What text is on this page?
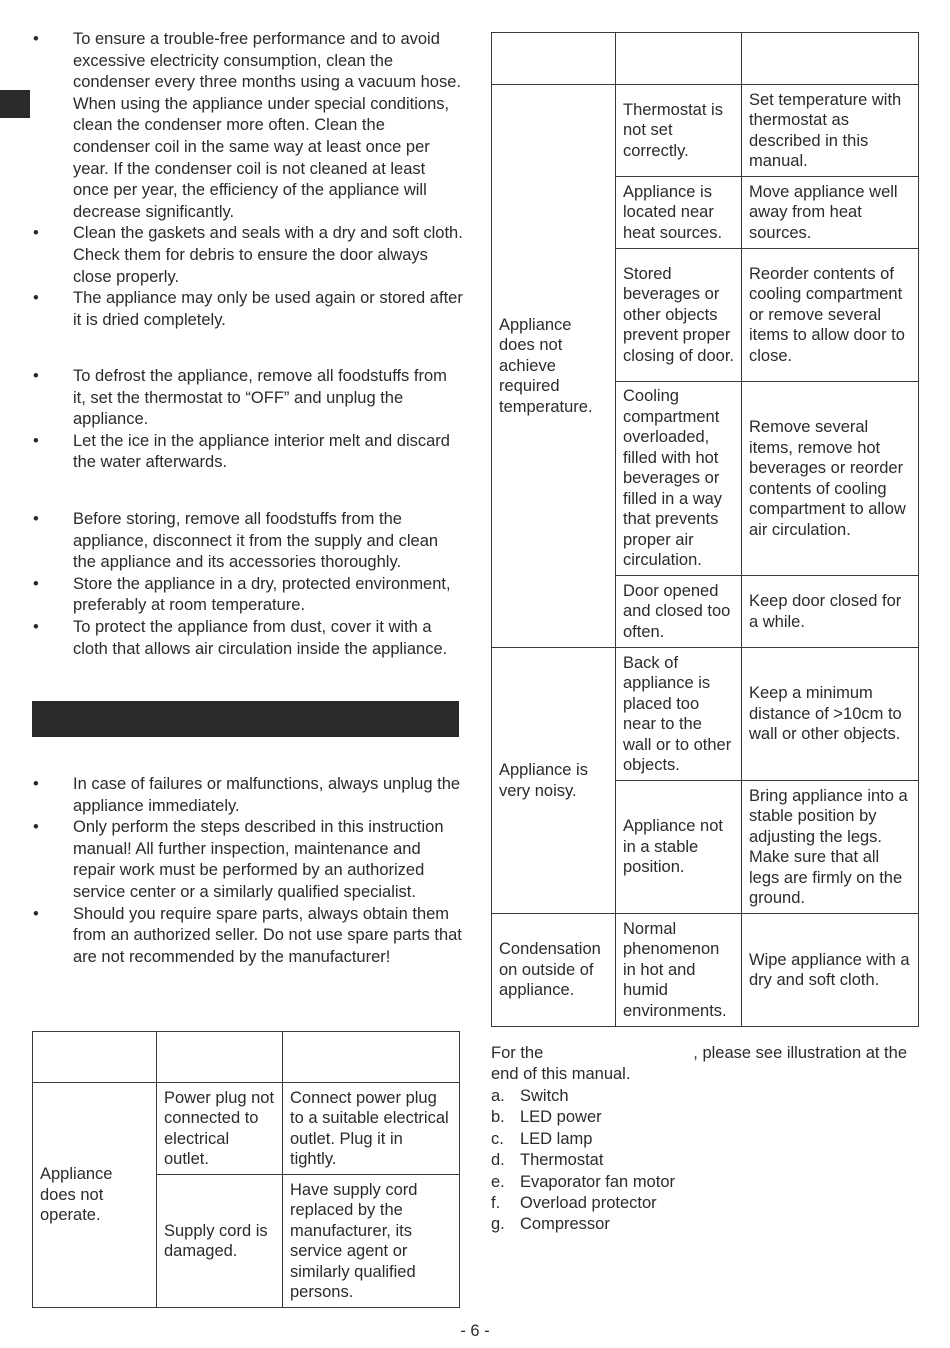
• To ensure a trouble-free performance and to avoid excessive electricity consumption, clean the condenser every three months using a vacuum hose. When using the appliance under special conditions, clean the condenser more often. Clean the condenser coil in the same way at least once per year. If the condenser coil is not cleaned at least once per year, the efficiency of the appliance will decrease significantly.
• Clean the gaskets and seals with a dry and soft cloth. Check them for debris to ensure the door always close properly.
• The appliance may only be used again or stored after it is dried completely.
• To defrost the appliance, remove all foodstuffs from it, set the thermostat to “OFF” and unplug the appliance.
• Let the ice in the appliance interior melt and discard the water afterwards.
• Before storing, remove all foodstuffs from the appliance, disconnect it from the supply and clean the appliance and its accessories thoroughly.
• Store the appliance in a dry, protected environment, preferably at room temperature.
• To protect the appliance from dust, cover it with a cloth that allows air circulation inside the appliance.
• In case of failures or malfunctions, always unplug the appliance immediately.
• Only perform the steps described in this instruction manual! All further inspection, maintenance and repair work must be performed by an authorized service center or a similarly qualified specialist.
• Should you require spare parts, always obtain them from an authorized seller. Do not use spare parts that are not recommended by the manufacturer!

Appliance does not operate.	Power plug not connected to electrical outlet.	Connect power plug to a suitable electrical outlet. Plug it in tightly.
	Supply cord is damaged.	Have supply cord replaced by the manufacturer, its service agent or similarly qualified persons.

Appliance does not achieve required temperature.	Thermostat is not set correctly.	Set temperature with thermostat as described in this manual.
	Appliance is located near heat sources.	Move appliance well away from heat sources.
	Stored beverages or other objects prevent proper closing of door.	Reorder contents of cooling compartment or remove several items to allow door to close.
	Cooling compartment overloaded, filled with hot beverages or filled in a way that prevents proper air circulation.	Remove several items, remove hot beverages or reorder contents of cooling compartment to allow air circulation.
	Door opened and closed too often.	Keep door closed for a while.
Appliance is very noisy.	Back of appliance is placed too near to the wall or to other objects.	Keep a minimum distance of >10cm to wall or other objects.
	Appliance not in a stable position.	Bring appliance into a stable position by adjusting the legs. Make sure that all legs are firmly on the ground.
Condensation on outside of appliance.	Normal phenomenon in hot and humid environments.	Wipe appliance with a dry and soft cloth.

For the	, please see illustration at the end of this manual.

a. Switch
b. LED power
c. LED lamp
d. Thermostat
e. Evaporator fan motor
f. Overload protector
g. Compressor
- 6 -
